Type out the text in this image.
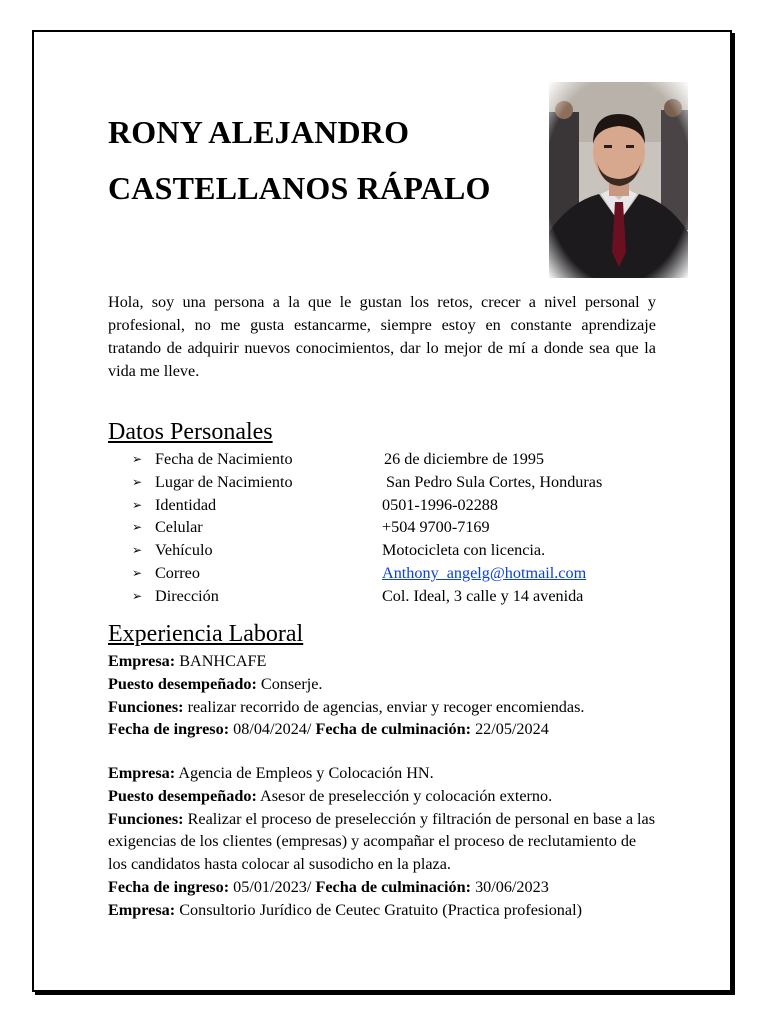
RONY ALEJANDRO
CASTELLANOS RÁPALO
Hola, soy una persona a la que le gustan los retos, crecer a nivel personal y profesional, no me gusta estancarme, siempre estoy en constante aprendizaje tratando de adquirir nuevos conocimientos, dar lo mejor de mí a donde sea que la vida me lleve.
Datos Personales
➢ Fecha de Nacimiento	26 de diciembre de 1995
➢ Lugar de Nacimiento	San Pedro Sula Cortes, Honduras
➢ Identidad	0501-1996-02288
➢ Celular	+504 9700-7169
➢ Vehículo	Motocicleta con licencia.
➢ Correo	Anthony_angelg@hotmail.com
➢ Dirección	Col. Ideal, 3 calle y 14 avenida
Experiencia Laboral

Empresa: BANHCAFE

Puesto desempeñado: Conserje.

Funciones: realizar recorrido de agencias, enviar y recoger encomiendas.

Fecha de ingreso: 08/04/2024/ Fecha de culminación: 22/05/2024

Empresa: Agencia de Empleos y Colocación HN.

Puesto desempeñado: Asesor de preselección y colocación externo.

Funciones: Realizar el proceso de preselección y filtración de personal en base a las exigencias de los clientes (empresas) y acompañar el proceso de reclutamiento de los candidatos hasta colocar al susodicho en la plaza.

Fecha de ingreso: 05/01/2023/ Fecha de culminación: 30/06/2023

Empresa: Consultorio Jurídico de Ceutec Gratuito (Practica profesional)
